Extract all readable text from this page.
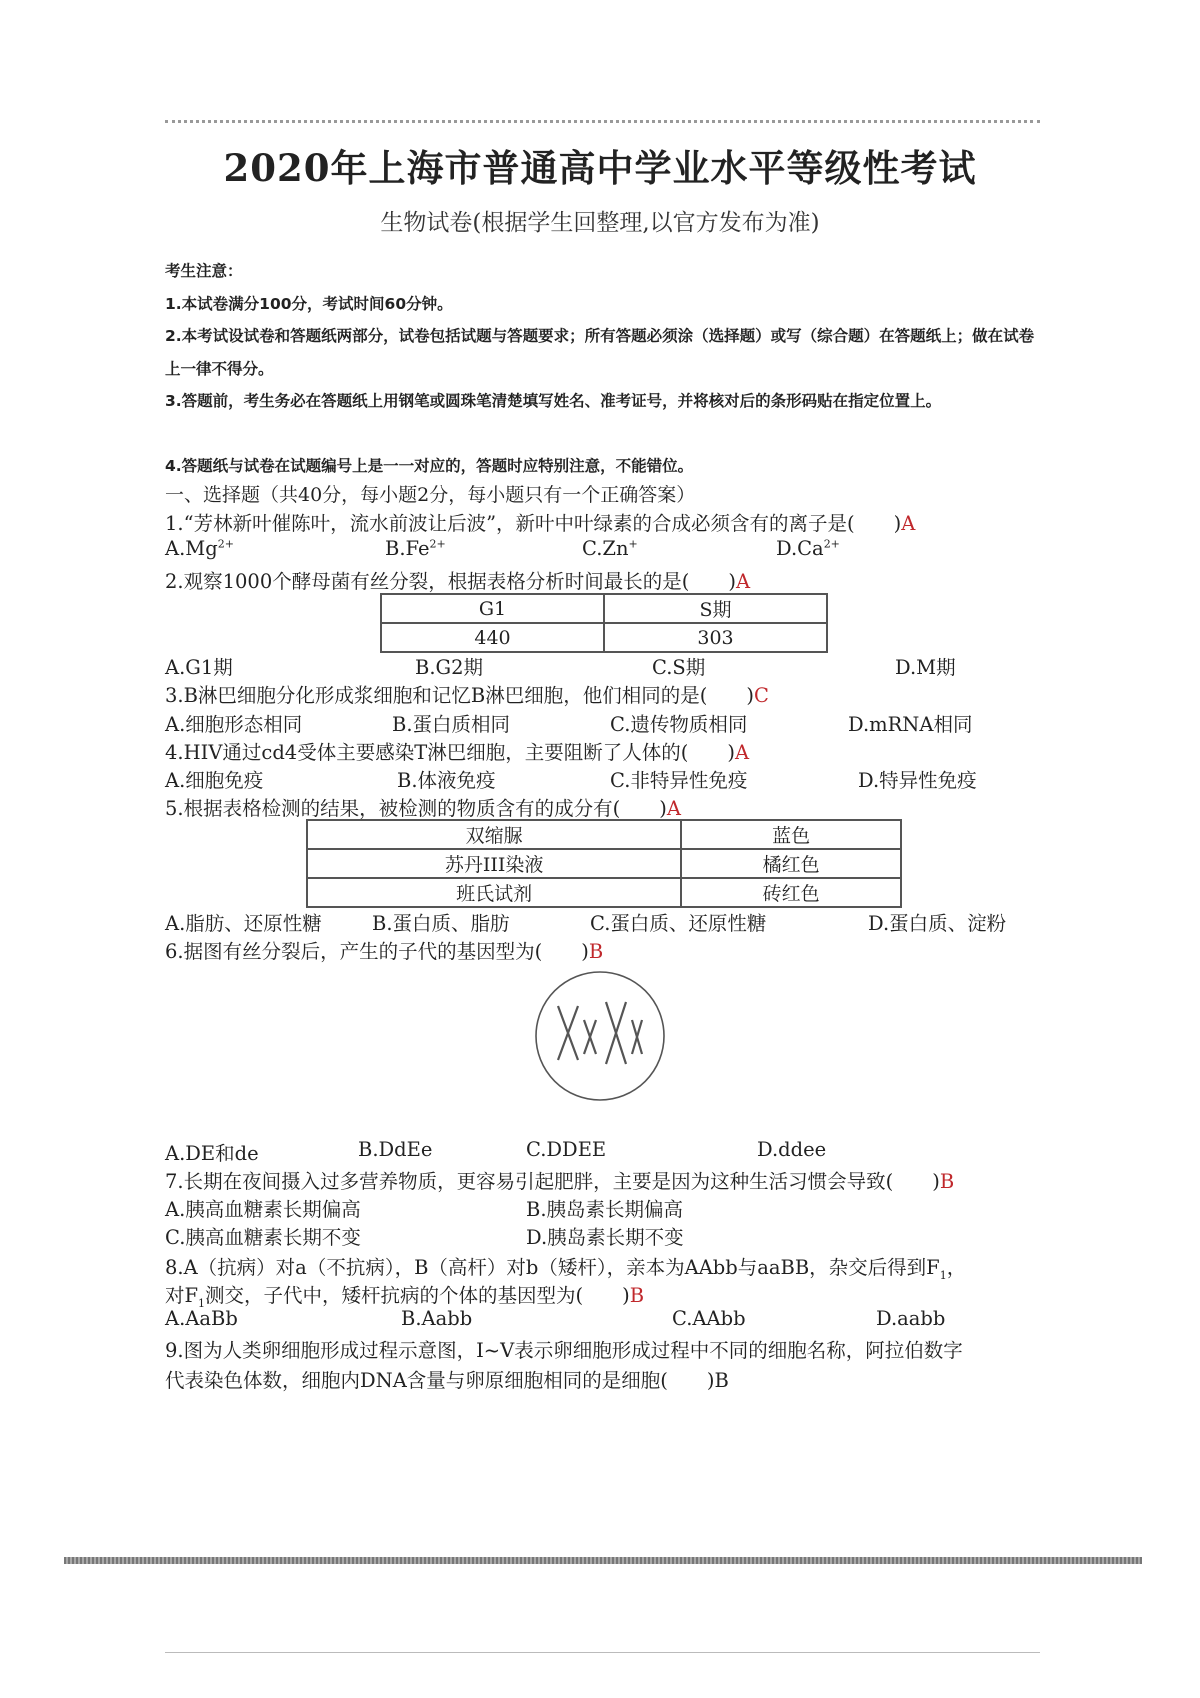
2020年上海市普通高中学业水平等级性考试
生物试卷(根据学生回整理,以官方发布为准)
考生注意：
1.本试卷满分100分，考试时间60分钟。
2.本考试设试卷和答题纸两部分，试卷包括试题与答题要求；所有答题必须涂（选择题）或写（综合题）在答题纸上；做在试卷上一律不得分。
3.答题前，考生务必在答题纸上用钢笔或圆珠笔清楚填写姓名、准考证号，并将核对后的条形码贴在指定位置上。
4.答题纸与试卷在试题编号上是一一对应的，答题时应特别注意，不能错位。
一、选择题（共40分，每小题2分，每小题只有一个正确答案）
1.“芳林新叶催陈叶，流水前波让后波”，新叶中叶绿素的合成必须含有的离子是(　　)A
$A.Mg^{2+}$	$B.Fe^{2+}$	C.Zn+	$D.Ca^{2+}$
2.观察1000个酵母菌有丝分裂，根据表格分析时间最长的是(　　)A
G1	S期
440	303
A.G1期	B.G2期	C.S期	D.M期
3.B淋巴细胞分化形成浆细胞和记忆B淋巴细胞，他们相同的是(　　)C
A.细胞形态相同	B.蛋白质相同	C.遗传物质相同	D.mRNA相同
4.HIV通过cd4受体主要感染T淋巴细胞，主要阻断了人体的(　　)A
A.细胞免疫	B.体液免疫	C.非特异性免疫	D.特异性免疫
5.根据表格检测的结果，被检测的物质含有的成分有(　　)A
双缩脲	蓝色
苏丹III染液	橘红色
班氏试剂	砖红色
A.脂肪、还原性糖	B.蛋白质、脂肪	C.蛋白质、还原性糖	D.蛋白质、淀粉
6.据图有丝分裂后，产生的子代的基因型为(　　)B
A.DE和de	B.DdEe	C.DDEE	D.ddee
7.长期在夜间摄入过多营养物质，更容易引起肥胖，主要是因为这种生活习惯会导致(　　)B
A.胰高血糖素长期偏高	B.胰岛素长期偏高
C.胰高血糖素长期不变	D.胰岛素长期不变
8.A（抗病）对a（不抗病），B（高杆）对b（矮杆），亲本为AAbb与aaBB，杂交后得到$F_1$，
对$F_1$测交，子代中，矮杆抗病的个体的基因型为(　　)B
A.AaBb	B.Aabb	C.AAbb	D.aabb
9.图为人类卵细胞形成过程示意图，I~V表示卵细胞形成过程中不同的细胞名称，阿拉伯数字
代表染色体数，细胞内DNA含量与卵原细胞相同的是细胞(　　)B
